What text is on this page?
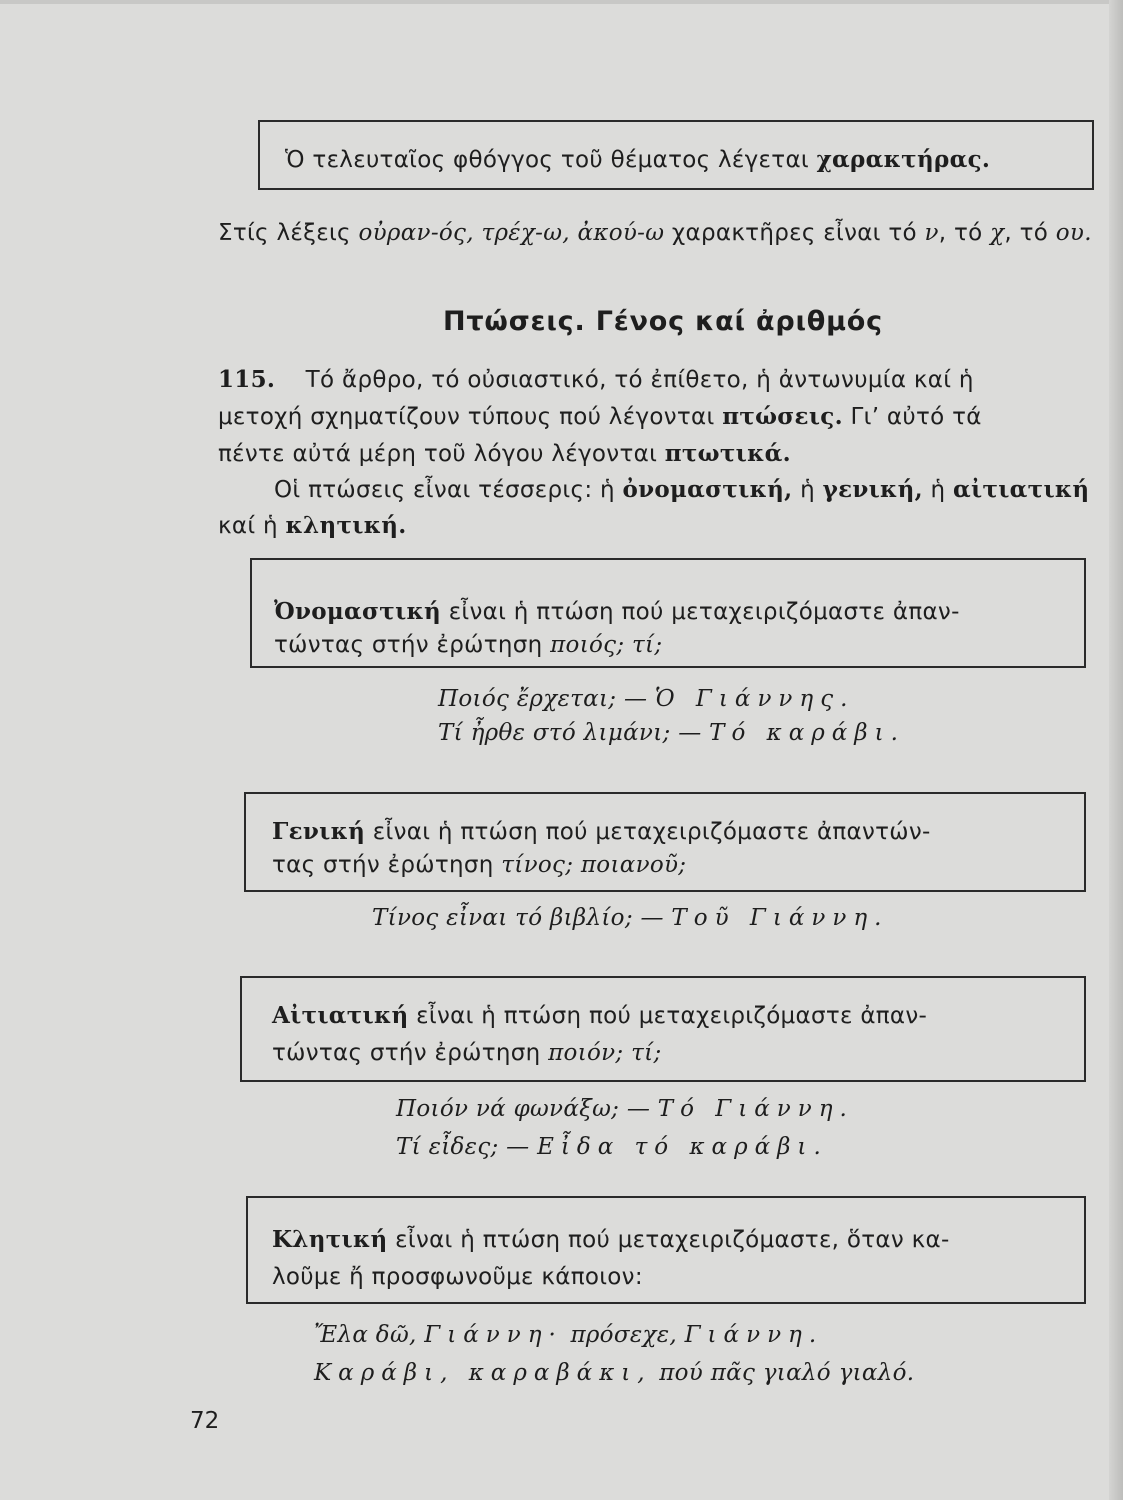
Ὁ τελευταῖος φθόγγος τοῦ θέματος λέγεται χαρακτήρας.
Στίς λέξεις οὐραν-ός, τρέχ-ω, ἀκού-ω χαρακτῆρες εἶναι τό ν, τό χ, τό ου.
Πτώσεις. Γένος καί ἀριθμός
115. Τό ἄρθρο, τό οὐσιαστικό, τό ἐπίθετο, ἡ ἀντωνυμία καί ἡ
μετοχή σχηματίζουν τύπους πού λέγονται πτώσεις. Γι’ αὐτό τά
πέντε αὐτά μέρη τοῦ λόγου λέγονται πτωτικά.
Οἱ πτώσεις εἶναι τέσσερις: ἡ ὀνομαστική, ἡ γενική, ἡ αἰτιατική
καί ἡ κλητική.
Ὀνομαστική εἶναι ἡ πτώση πού μεταχειριζόμαστε ἀπαν-
τώντας στήν ἐρώτηση ποιός; τί;
Ποιός ἔρχεται; — Ὁ Γιάννης.
Τί ἦρθε στό λιμάνι; — Τό καράβι.
Γενική εἶναι ἡ πτώση πού μεταχειριζόμαστε ἀπαντών-
τας στήν ἐρώτηση τίνος; ποιανοῦ;
Τίνος εἶναι τό βιβλίο; — Τοῦ Γιάννη.
Αἰτιατική εἶναι ἡ πτώση πού μεταχειριζόμαστε ἀπαν-
τώντας στήν ἐρώτηση ποιόν; τί;
Ποιόν νά φωνάξω; — Τό Γιάννη.
Τί εἶδες; — Εἶδα τό καράβι.
Κλητική εἶναι ἡ πτώση πού μεταχειριζόμαστε, ὅταν κα-
λοῦμε ἤ προσφωνοῦμε κάποιον:
Ἔλα δῶ, Γιάννη· πρόσεχε, Γιάννη.
Καράβι, καραβάκι, πού πᾶς γιαλό γιαλό.
72
